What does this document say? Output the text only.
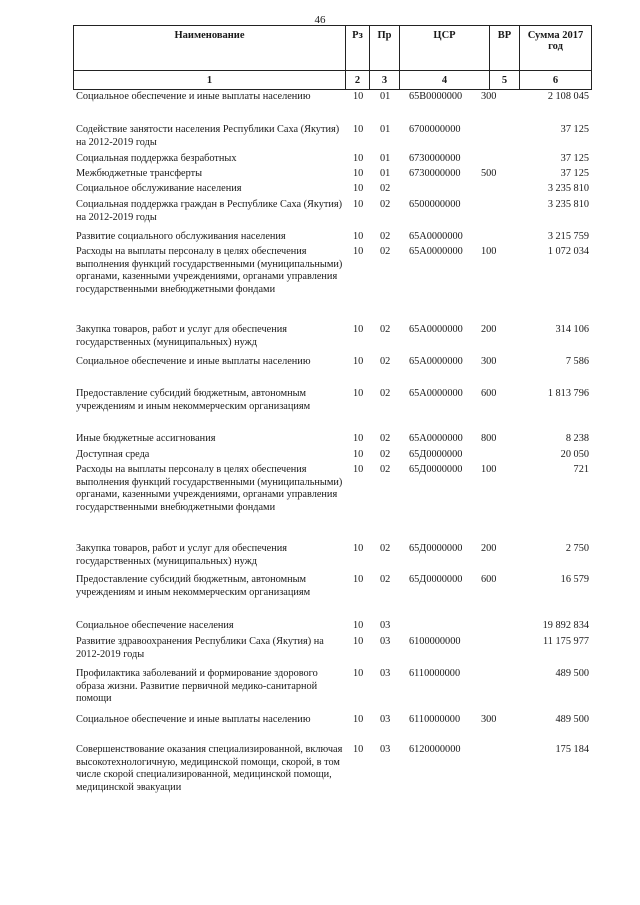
46
Наименование	Рз	Пр	ЦСР	ВР	Сумма 2017 год
1	2	3	4	5	6
Социальное обеспечение и иные выплаты населению	10 01 65В0000000 300	2 108 045
Содействие занятости населения Республики Саха (Якутия) на 2012-2019 годы
10 01 6700000000	37 125
Социальная поддержка безработных	10 01 6730000000	37 125
Межбюджетные трансферты	10 01 6730000000 500	37 125
Социальное обслуживание населения	10 02	3 235 810
Социальная поддержка граждан в Республике Саха (Якутия) на 2012-2019 годы
10 02 6500000000	3 235 810
Развитие социального обслуживания населения	10 02 65А0000000	3 215 759
Расходы на выплаты персоналу в целях обеспечения выполнения функций государственными (муниципальными) органами, казенными учреждениями, органами управления государственными внебюджетными фондами
10 02 65А0000000 100	1 072 034
Закупка товаров, работ и услуг для обеспечения государственных (муниципальных) нужд
10 02 65А0000000 200	314 106
Социальное обеспечение и иные выплаты населению	10 02 65А0000000 300	7 586
Предоставление субсидий бюджетным, автономным учреждениям и иным некоммерческим организациям
10 02 65А0000000 600	1 813 796
Иные бюджетные ассигнования	10 02 65А0000000 800	8 238
Доступная среда	10 02 65Д0000000	20 050
Расходы на выплаты персоналу в целях обеспечения выполнения функций государственными (муниципальными) органами, казенными учреждениями, органами управления государственными внебюджетными фондами
10 02 65Д0000000 100	721
Закупка товаров, работ и услуг для обеспечения государственных (муниципальных) нужд
10 02 65Д0000000 200	2 750
Предоставление субсидий бюджетным, автономным учреждениям и иным некоммерческим организациям
10 02 65Д0000000 600	16 579
Социальное обеспечение населения	10 03	19 892 834
Развитие здравоохранения Республики Саха (Якутия) на 2012-2019 годы
10 03 6100000000	11 175 977
Профилактика заболеваний и формирование здорового образа жизни. Развитие первичной медико-санитарной помощи
10 03 6110000000	489 500
Социальное обеспечение и иные выплаты населению	10 03 6110000000 300	489 500
Совершенствование оказания специализированной, включая высокотехнологичную, медицинской помощи, скорой, в том числе скорой специализированной, медицинской помощи, медицинской эвакуации
10 03 6120000000	175 184
